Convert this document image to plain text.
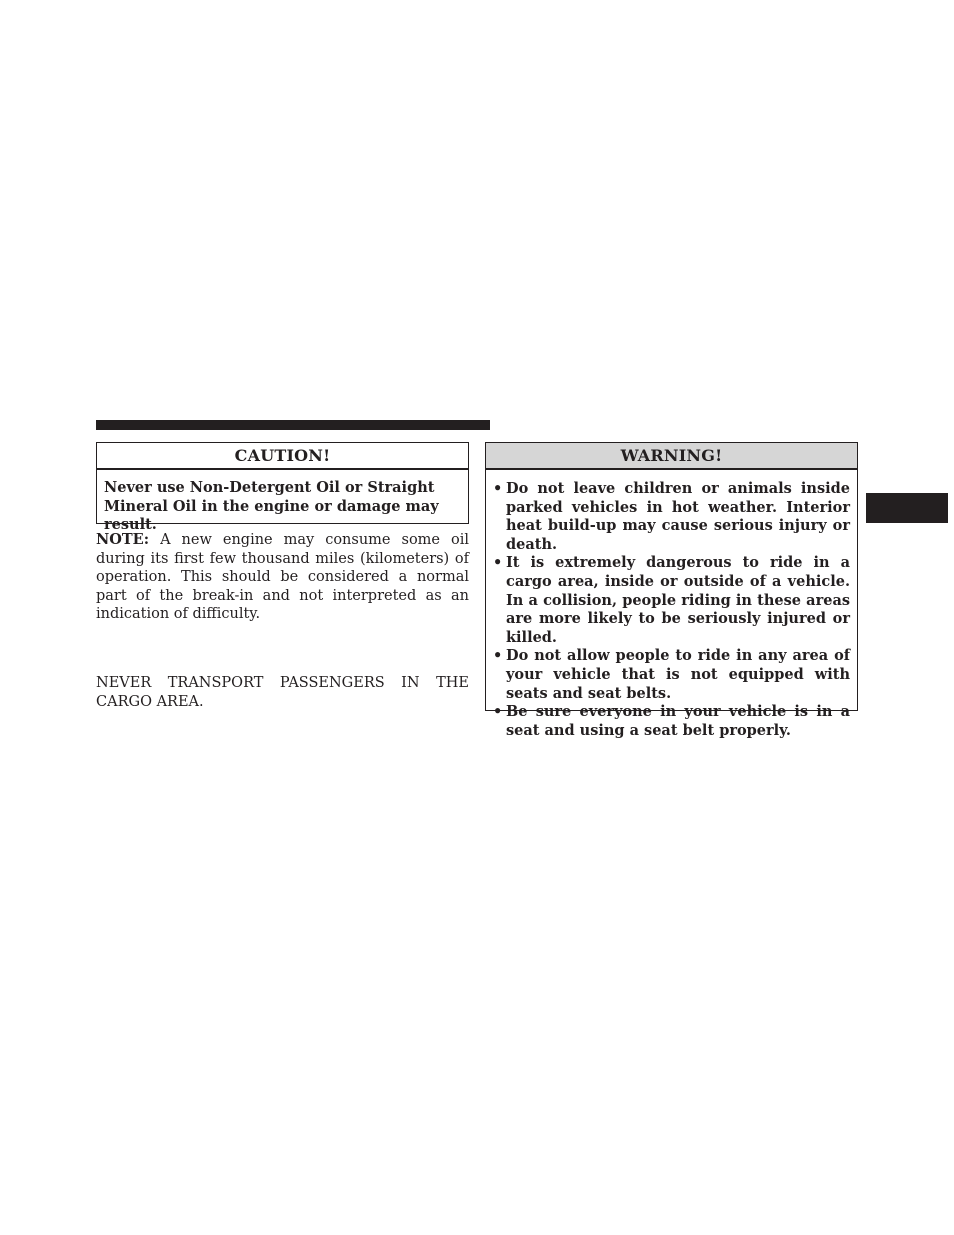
CAUTION!
Never use Non-Detergent Oil or Straight Mineral Oil in the engine or damage may result.
NOTE: A new engine may consume some oil during its first few thousand miles (kilometers) of operation. This should be considered a normal part of the break-in and not interpreted as an indication of difficulty.
NEVER TRANSPORT PASSENGERS IN THE CARGO AREA.
WARNING!
• Do not leave children or animals inside parked vehicles in hot weather. Interior heat build-up may cause serious injury or death.
• It is extremely dangerous to ride in a cargo area, inside or outside of a vehicle. In a collision, people riding in these areas are more likely to be seriously injured or killed.
• Do not allow people to ride in any area of your vehicle that is not equipped with seats and seat belts.
• Be sure everyone in your vehicle is in a seat and using a seat belt properly.
